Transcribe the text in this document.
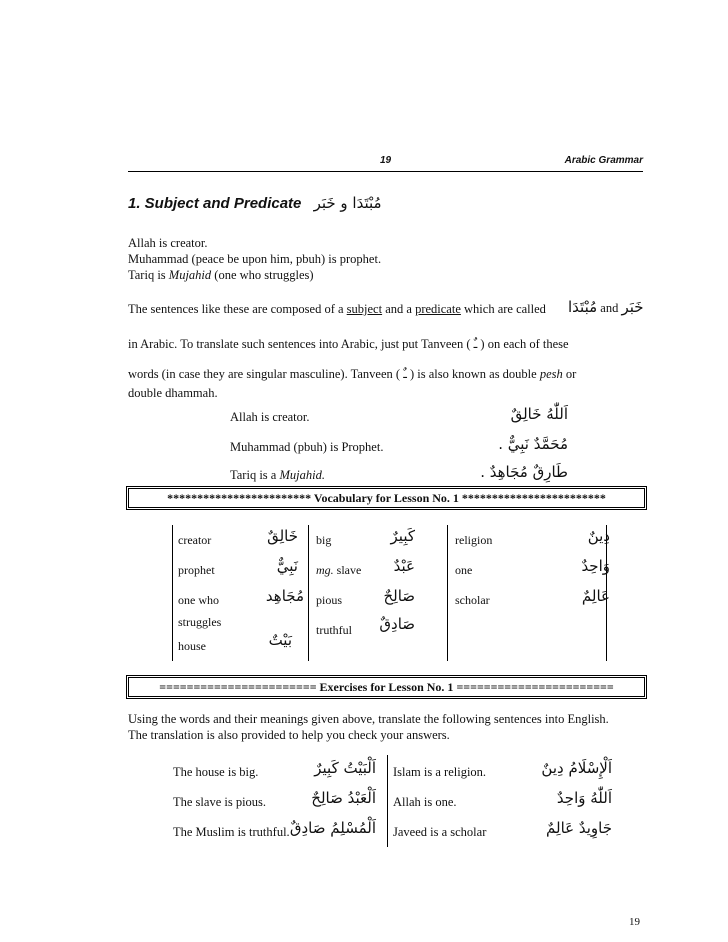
19	Arabic Grammar
1. Subject and Predicate مُبْتَدَا و خَبَر
Allah is creator.
Muhammad (peace be upon him, pbuh) is prophet.
Tariq is Mujahid (one who struggles)
The sentences like these are composed of a subject and a predicate which are called مُبْتَدَا and خَبَر
in Arabic. To translate such sentences into Arabic, just put Tanveen ( ـٌ ) on each of these
words (in case they are singular masculine). Tanveen ( ـٌ ) is also known as double pesh or
double dhammah.
Allah is creator.	اَللّٰهُ خَالِقٌ
Muhammad (pbuh) is Prophet.	مُحَمَّدٌ نَبِيٌّ .
Tariq is a Mujahid.	طَارِقٌ مُجَاهِدٌ .
************************ Vocabulary for Lesson No. 1 ************************
creator	خَالِقٌ
prophet	نَبِيٌّ
one who	مُجَاهِد
struggles
house	بَيْتٌ
big	كَبِيرٌ
mg. slave عَبْدٌ
pious	صَالِحٌ
truthful صَادِقٌ
religion	دِينٌ
one	وَاحِدٌ
scholar	عَالِمٌ
======================= Exercises for Lesson No. 1 =======================
Using the words and their meanings given above, translate the following sentences into English.
The translation is also provided to help you check your answers.
The house is big.	اَلْبَيْتُ كَبِيرٌ
The slave is pious.	اَلْعَبْدُ صَالِحٌ
The Muslim is truthful. اَلْمُسْلِمُ صَادِقٌ
Islam is a religion.	اَلْإِسْلَامُ دِينٌ
Allah is one.	اَللّٰهُ وَاحِدٌ
Javeed is a scholar	جَاوِيدٌ عَالِمٌ
19
